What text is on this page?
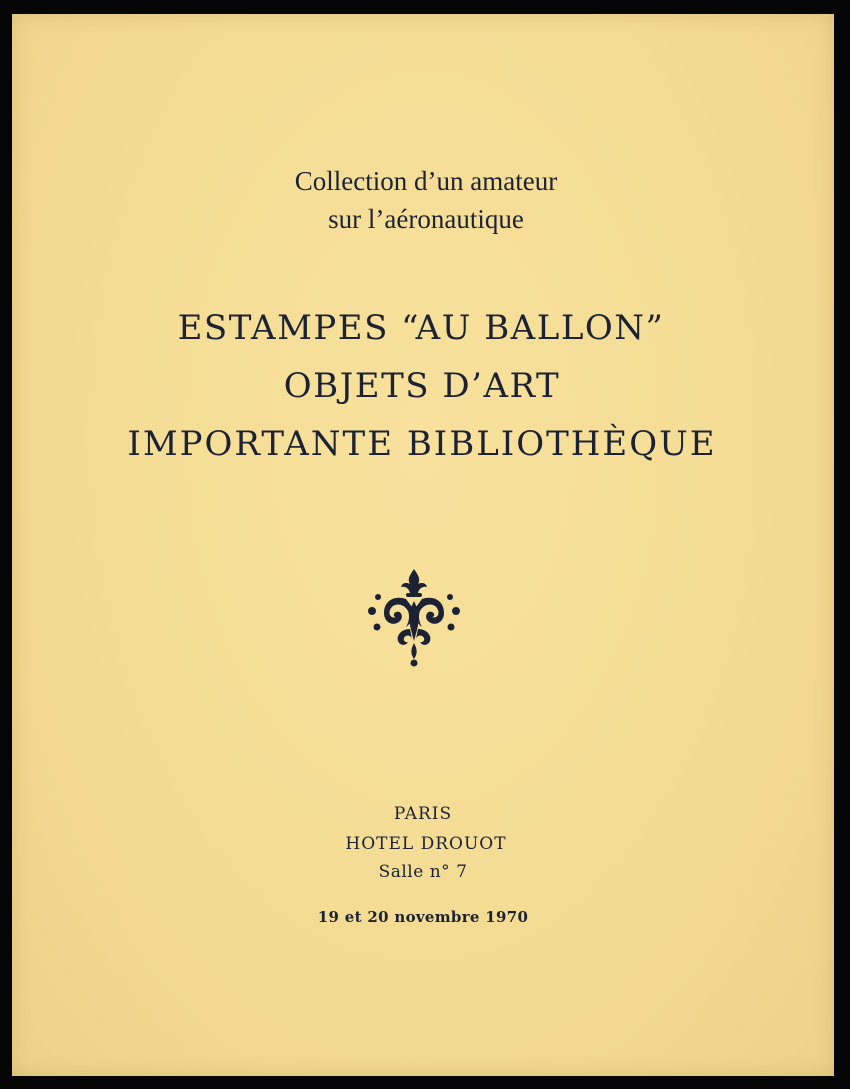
Collection d’un amateur
sur l’aéronautique
ESTAMPES “AU BALLON”
OBJETS D’ART
IMPORTANTE BIBLIOTHÈQUE
PARIS
HOTEL DROUOT
Salle n° 7
19 et 20 novembre 1970
